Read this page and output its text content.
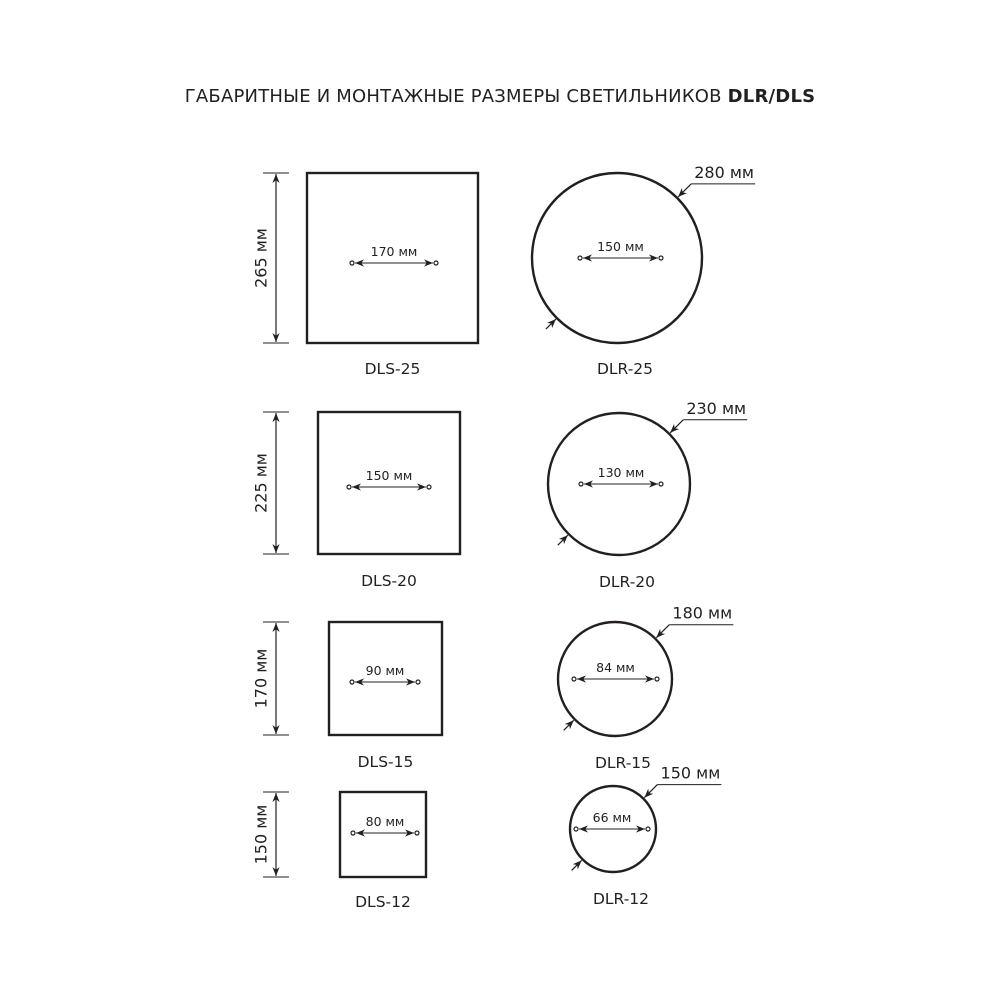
ГАБАРИТНЫЕ И МОНТАЖНЫЕ РАЗМЕРЫ СВЕТИЛЬНИКОВ DLR/DLS
265 мм	170 мм
DLS-25
225 мм	150 мм
DLS-20
170 мм	90 мм
DLS-15
150 мм	80 мм
DLS-12
150 мм
280 мм
DLR-25
130 мм
230 мм
DLR-20
84 мм
180 мм
DLR-15
66 мм
150 мм
DLR-12
